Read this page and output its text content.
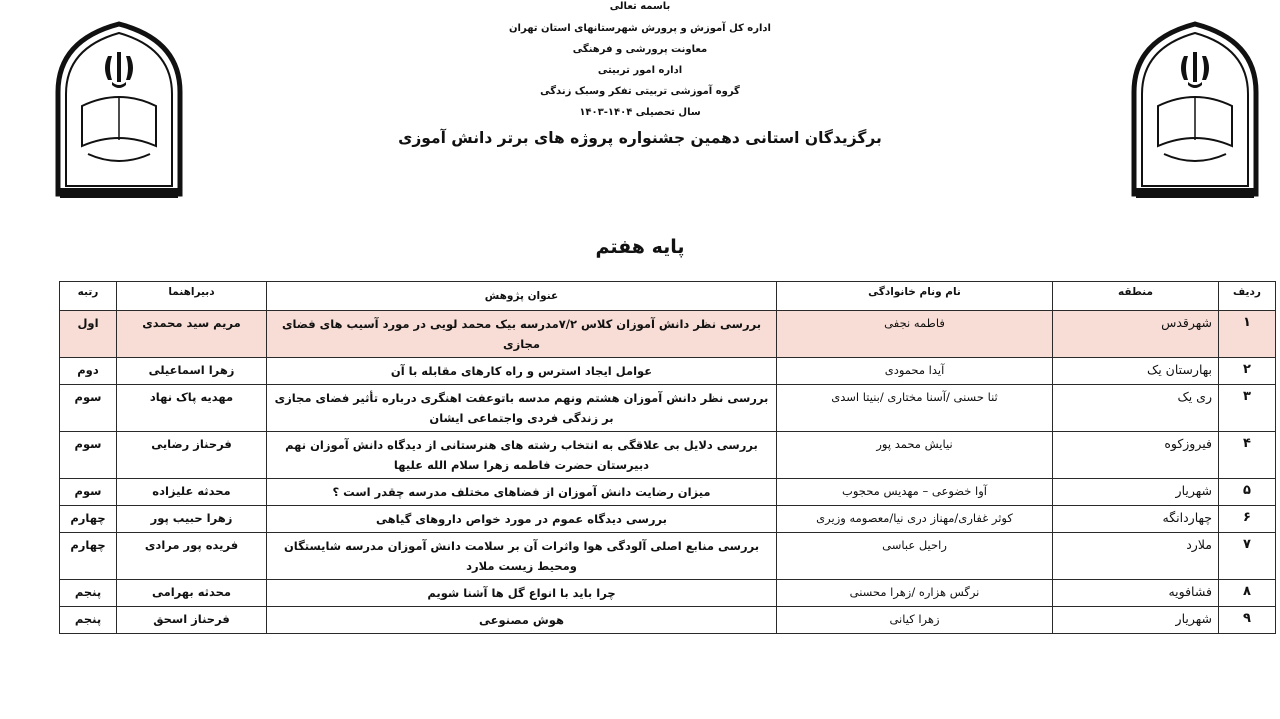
باسمه تعالی
اداره کل آموزش و پرورش شهرستانهای استان تهران
معاونت پرورشی و فرهنگی
اداره امور تربیتی
گروه آموزشی تربیتی تفکر وسبک زندگی
سال تحصیلی ۱۴۰۴-۱۴۰۳
برگزیدگان استانی دهمین جشنواره پروژه های برتر دانش آموزی
پایه هفتم
ردیف	منطقه	نام ونام خانوادگی	عنوان پژوهش	دبیراهنما	رتبه
۱	شهرقدس	فاطمه نجفی	بررسی نظر دانش آموزان کلاس ۷/۲مدرسه بیک محمد لویی در مورد آسیب های فضای مجازی	مریم سید محمدی	اول
۲	بهارستان یک	آیدا محمودی	عوامل ایجاد استرس و راه کارهای مقابله با آن	زهرا اسماعیلی	دوم
۳	ری یک	ثنا حسنی /آسنا مختاری /بنیتا اسدی	بررسی نظر دانش آموزان هشتم ونهم مدسه باتوعفت اهنگری درباره تأثیر فضای مجازی بر زندگی فردی واجتماعی ایشان	مهدیه پاک نهاد	سوم
۴	فیروزکوه	نیایش محمد پور	بررسی دلایل بی علاقگی به انتخاب رشته های هنرستانی از دیدگاه دانش آموزان نهم دبیرستان حضرت فاطمه زهرا سلام الله علیها	فرحناز رضایی	سوم
۵	شهریار	آوا خضوعی – مهدیس محجوب	میزان رضایت دانش آموزان از فضاهای مختلف مدرسه چقدر است ؟	محدثه علیزاده	سوم
۶	چهاردانگه	کوثر غفاری/مهناز دری نیا/معصومه وزیری	بررسی دیدگاه عموم در مورد خواص داروهای گیاهی	زهرا حبیب پور	چهارم
۷	ملارد	راحیل عباسی	بررسی منابع اصلی آلودگی هوا واثرات آن بر سلامت دانش آموزان مدرسه شایستگان ومحیط زیست ملارد	فریده پور مرادی	چهارم
۸	فشافویه	نرگس هزاره /زهرا محسنی	چرا باید با انواع گل ها آشنا شویم	محدثه بهرامی	پنجم
۹	شهریار	زهرا کیانی	هوش مصنوعی	فرحناز اسحق	پنجم
